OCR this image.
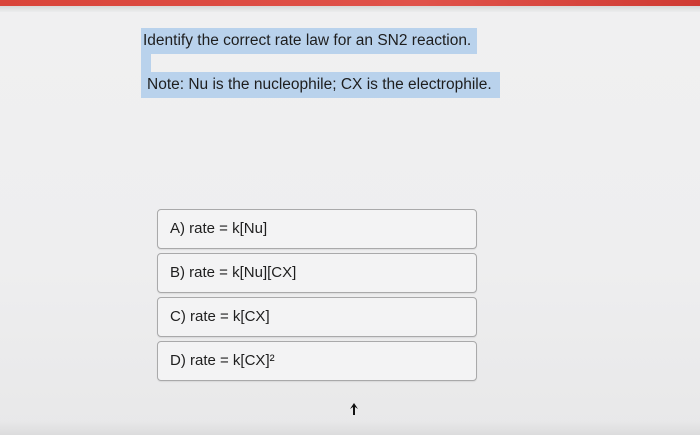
Identify the correct rate law for an SN2 reaction.
Note: Nu is the nucleophile; CX is the electrophile.
A) rate = k[Nu]
B) rate = k[Nu][CX]
C) rate = k[CX]
D) rate = k[CX]²
